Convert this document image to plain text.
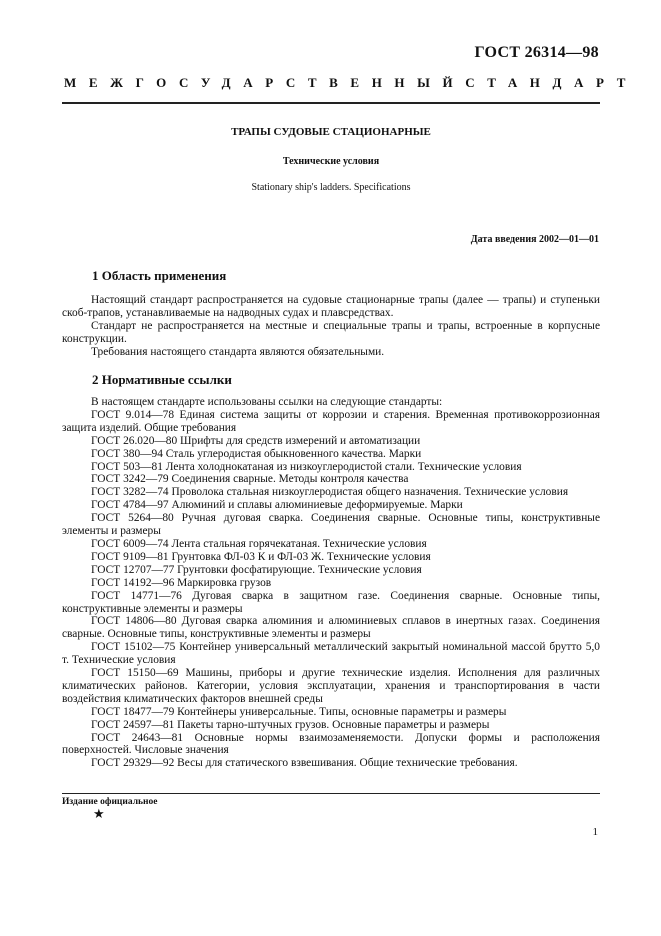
ГОСТ 26314—98
МЕЖГОСУДАРСТВЕННЫЙ СТАНДАРТ
ТРАПЫ СУДОВЫЕ СТАЦИОНАРНЫЕ
Технические условия
Stationary ship's ladders. Specifications
Дата введения 2002—01—01
1 Область применения

Настоящий стандарт распространяется на судовые стационарные трапы (далее — трапы) и ступеньки скоб-трапов, устанавливаемые на надводных судах и плавсредствах.

Стандарт не распространяется на местные и специальные трапы и трапы, встроенные в корпусные конструкции.

Требования настоящего стандарта являются обязательными.

2 Нормативные ссылки

В настоящем стандарте использованы ссылки на следующие стандарты:

ГОСТ 9.014—78 Единая система защиты от коррозии и старения. Временная противокоррозионная защита изделий. Общие требования

ГОСТ 26.020—80 Шрифты для средств измерений и автоматизации

ГОСТ 380—94 Сталь углеродистая обыкновенного качества. Марки

ГОСТ 503—81 Лента холоднокатаная из низкоуглеродистой стали. Технические условия

ГОСТ 3242—79 Соединения сварные. Методы контроля качества

ГОСТ 3282—74 Проволока стальная низкоуглеродистая общего назначения. Технические условия

ГОСТ 4784—97 Алюминий и сплавы алюминиевые деформируемые. Марки

ГОСТ 5264—80 Ручная дуговая сварка. Соединения сварные. Основные типы, конструктивные элементы и размеры

ГОСТ 6009—74 Лента стальная горячекатаная. Технические условия

ГОСТ 9109—81 Грунтовка ФЛ-03 К и ФЛ-03 Ж. Технические условия

ГОСТ 12707—77 Грунтовки фосфатирующие. Технические условия

ГОСТ 14192—96 Маркировка грузов

ГОСТ 14771—76 Дуговая сварка в защитном газе. Соединения сварные. Основные типы, конструктивные элементы и размеры

ГОСТ 14806—80 Дуговая сварка алюминия и алюминиевых сплавов в инертных газах. Соединения сварные. Основные типы, конструктивные элементы и размеры

ГОСТ 15102—75 Контейнер универсальный металлический закрытый номинальной массой брутто 5,0 т. Технические условия

ГОСТ 15150—69 Машины, приборы и другие технические изделия. Исполнения для различных климатических районов. Категории, условия эксплуатации, хранения и транспортирования в части воздействия климатических факторов внешней среды

ГОСТ 18477—79 Контейнеры универсальные. Типы, основные параметры и размеры

ГОСТ 24597—81 Пакеты тарно-штучных грузов. Основные параметры и размеры

ГОСТ 24643—81 Основные нормы взаимозаменяемости. Допуски формы и расположения поверхностей. Числовые значения

ГОСТ 29329—92 Весы для статического взвешивания. Общие технические требования.

Издание официальное
★
1
